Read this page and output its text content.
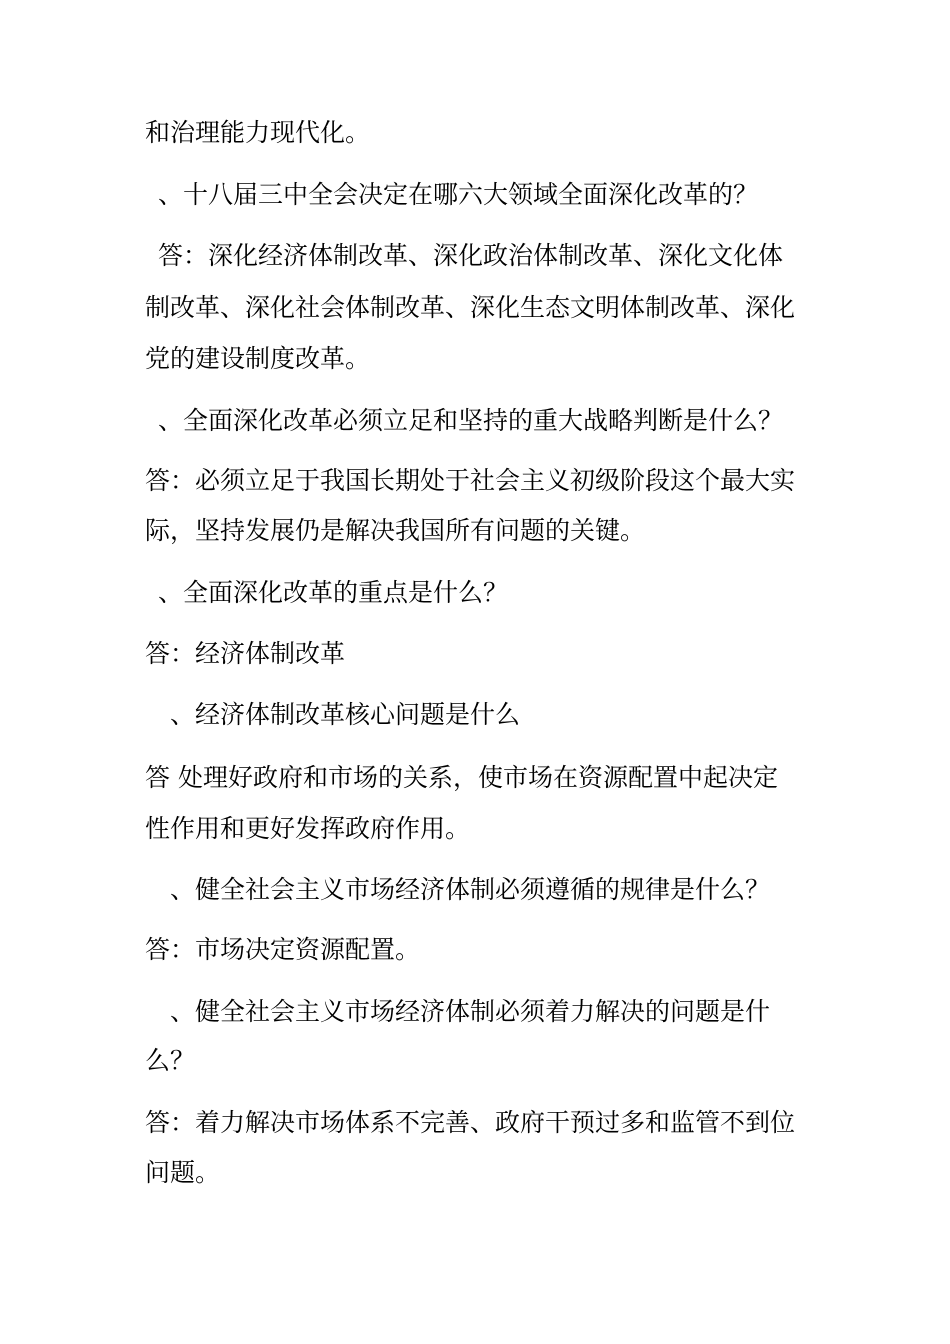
和治理能力现代化。
、十八届三中全会决定在哪六大领域全面深化改革的？
答：深化经济体制改革、深化政治体制改革、深化文化体
制改革、深化社会体制改革、深化生态文明体制改革、深化
党的建设制度改革。
、全面深化改革必须立足和坚持的重大战略判断是什么？
答：必须立足于我国长期处于社会主义初级阶段这个最大实
际，坚持发展仍是解决我国所有问题的关键。
、全面深化改革的重点是什么？
答：经济体制改革
、经济体制改革核心问题是什么
答 处理好政府和市场的关系，使市场在资源配置中起决定
性作用和更好发挥政府作用。
、健全社会主义市场经济体制必须遵循的规律是什么？
答：市场决定资源配置。
、健全社会主义市场经济体制必须着力解决的问题是什
么？
答：着力解决市场体系不完善、政府干预过多和监管不到位
问题。
